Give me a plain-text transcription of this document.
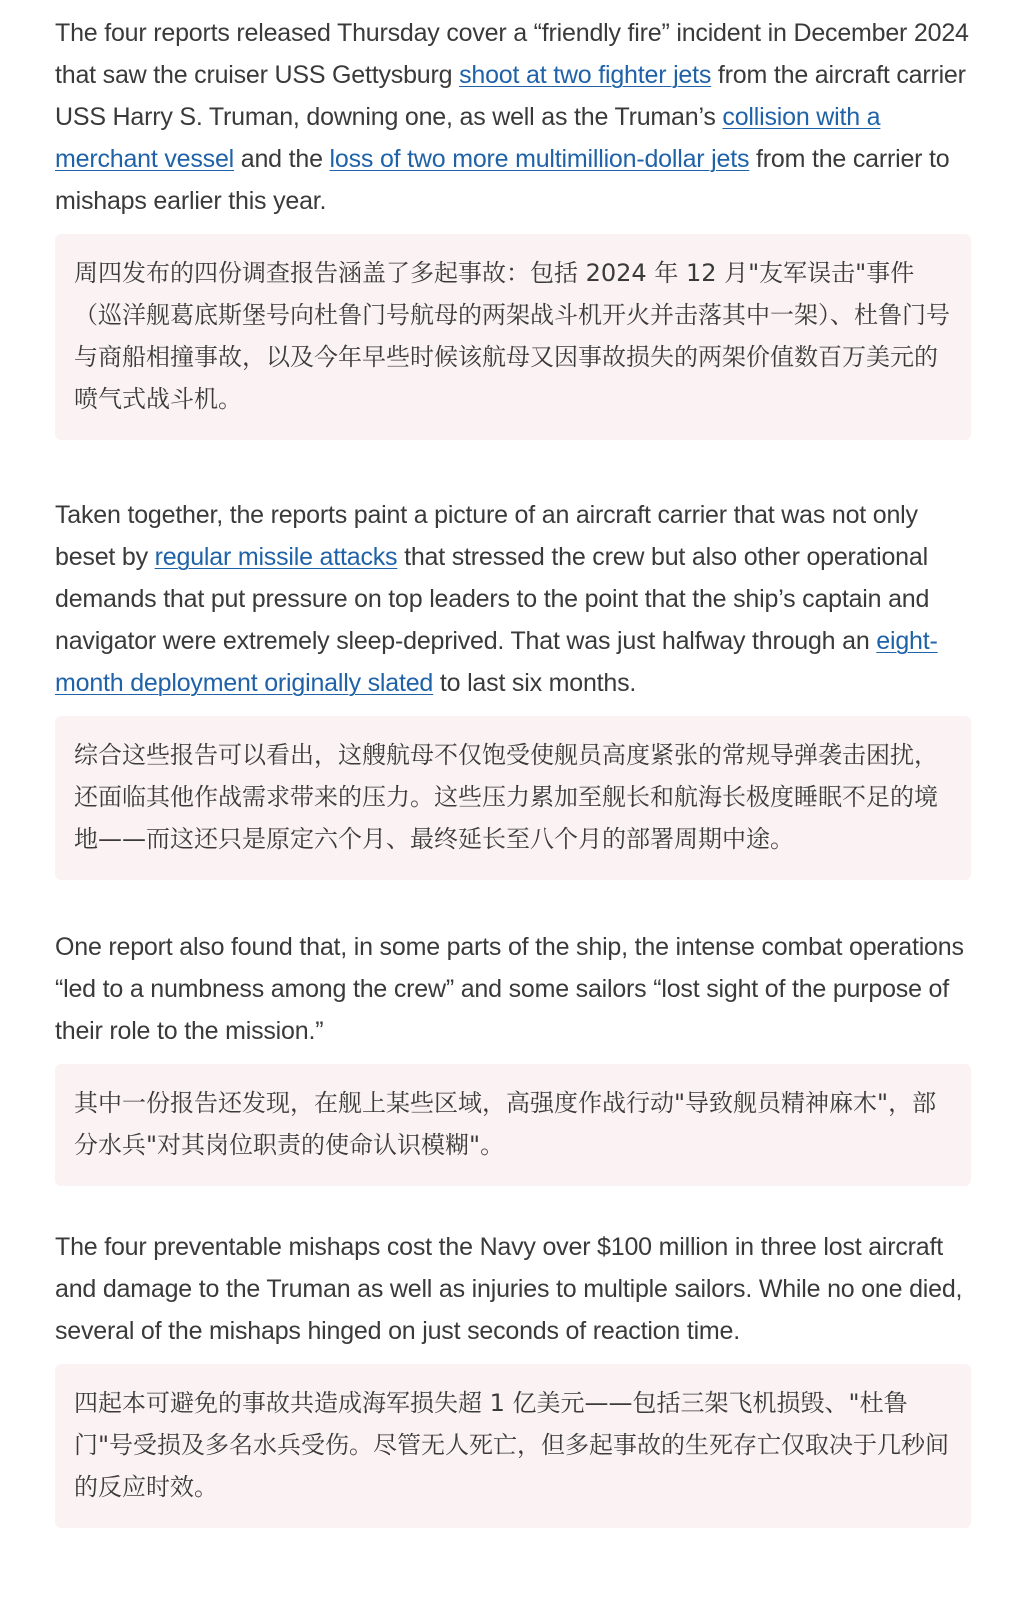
The four reports released Thursday cover a “friendly fire” incident in December 2024 that saw the cruiser USS Gettysburg shoot at two fighter jets from the aircraft carrier USS Harry S. Truman, downing one, as well as the Truman’s collision with a merchant vessel and the loss of two more multimillion-dollar jets from the carrier to mishaps earlier this year.

周四发布的四份调查报告涵盖了多起事故：包括 2024 年 12 月"友军误击"事件（巡洋舰葛底斯堡号向杜鲁门号航母的两架战斗机开火并击落其中一架）、杜鲁门号与商船相撞事故，以及今年早些时候该航母又因事故损失的两架价值数百万美元的喷气式战斗机。

Taken together, the reports paint a picture of an aircraft carrier that was not only beset by regular missile attacks that stressed the crew but also other operational demands that put pressure on top leaders to the point that the ship’s captain and navigator were extremely sleep-deprived. That was just halfway through an eight-month deployment originally slated to last six months.

综合这些报告可以看出，这艘航母不仅饱受使舰员高度紧张的常规导弹袭击困扰，还面临其他作战需求带来的压力。这些压力累加至舰长和航海长极度睡眠不足的境地——而这还只是原定六个月、最终延长至八个月的部署周期中途。

One report also found that, in some parts of the ship, the intense combat operations “led to a numbness among the crew” and some sailors “lost sight of the purpose of their role to the mission.”

其中一份报告还发现，在舰上某些区域，高强度作战行动"导致舰员精神麻木"，部分水兵"对其岗位职责的使命认识模糊"。

The four preventable mishaps cost the Navy over $100 million in three lost aircraft and damage to the Truman as well as injuries to multiple sailors. While no one died, several of the mishaps hinged on just seconds of reaction time.

四起本可避免的事故共造成海军损失超 1 亿美元——包括三架飞机损毁、"杜鲁门"号受损及多名水兵受伤。尽管无人死亡，但多起事故的生死存亡仅取决于几秒间的反应时效。
